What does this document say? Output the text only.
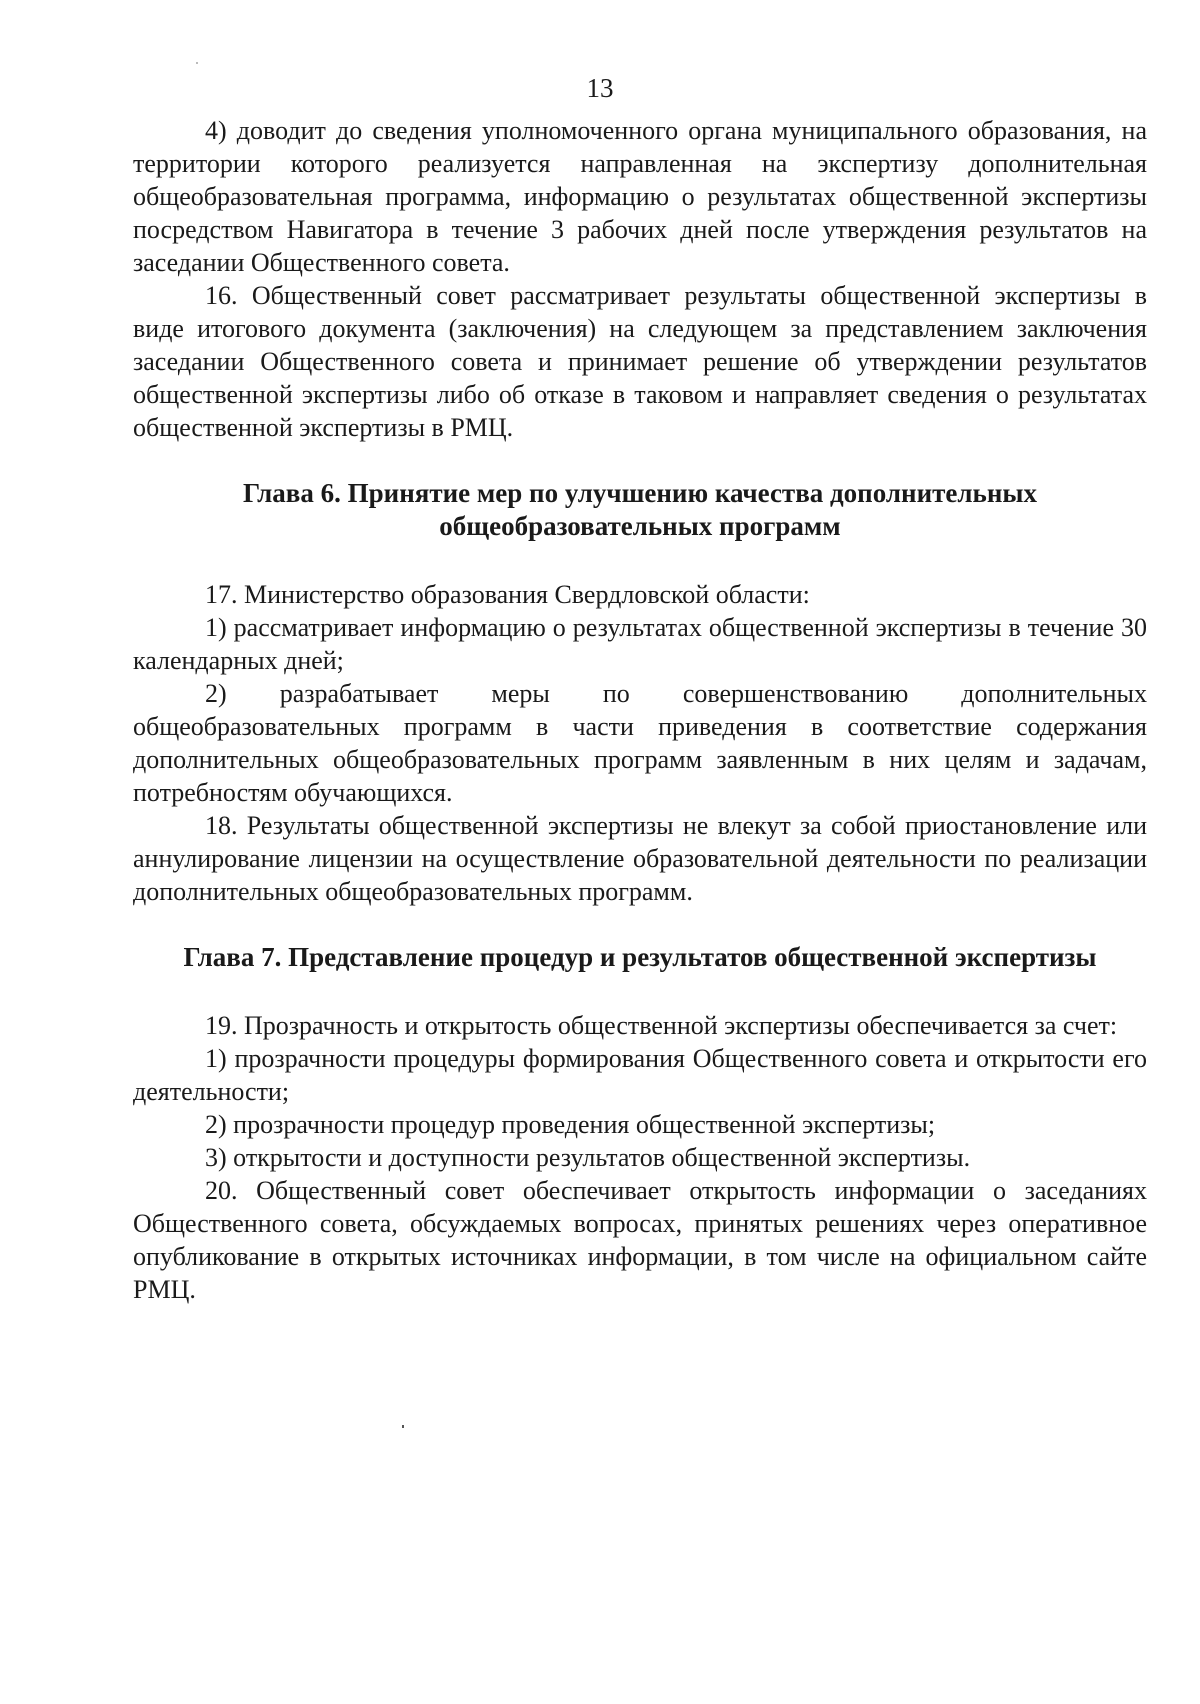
13

4) доводит до сведения уполномоченного органа муниципального образования, на территории которого реализуется направленная на экспертизу дополнительная общеобразовательная программа, информацию о результатах общественной экспертизы посредством Навигатора в течение 3 рабочих дней после утверждения результатов на заседании Общественного совета.

16. Общественный совет рассматривает результаты общественной экспертизы в виде итогового документа (заключения) на следующем за представлением заключения заседании Общественного совета и принимает решение об утверждении результатов общественной экспертизы либо об отказе в таковом и направляет сведения о результатах общественной экспертизы в РМЦ.

Глава 6. Принятие мер по улучшению качества дополнительных
общеобразовательных программ

17. Министерство образования Свердловской области:

1) рассматривает информацию о результатах общественной экспертизы в течение 30 календарных дней;

2) разрабатывает меры по совершенствованию дополнительных общеобразовательных программ в части приведения в соответствие содержания дополнительных общеобразовательных программ заявленным в них целям и задачам, потребностям обучающихся.

18. Результаты общественной экспертизы не влекут за собой приостановление или аннулирование лицензии на осуществление образовательной деятельности по реализации дополнительных общеобразовательных программ.

Глава 7. Представление процедур и результатов общественной экспертизы

19. Прозрачность и открытость общественной экспертизы обеспечивается за счет:

1) прозрачности процедуры формирования Общественного совета и открытости его деятельности;

2) прозрачности процедур проведения общественной экспертизы;

3) открытости и доступности результатов общественной экспертизы.

20. Общественный совет обеспечивает открытость информации о заседаниях Общественного совета, обсуждаемых вопросах, принятых решениях через оперативное опубликование в открытых источниках информации, в том числе на официальном сайте РМЦ.
